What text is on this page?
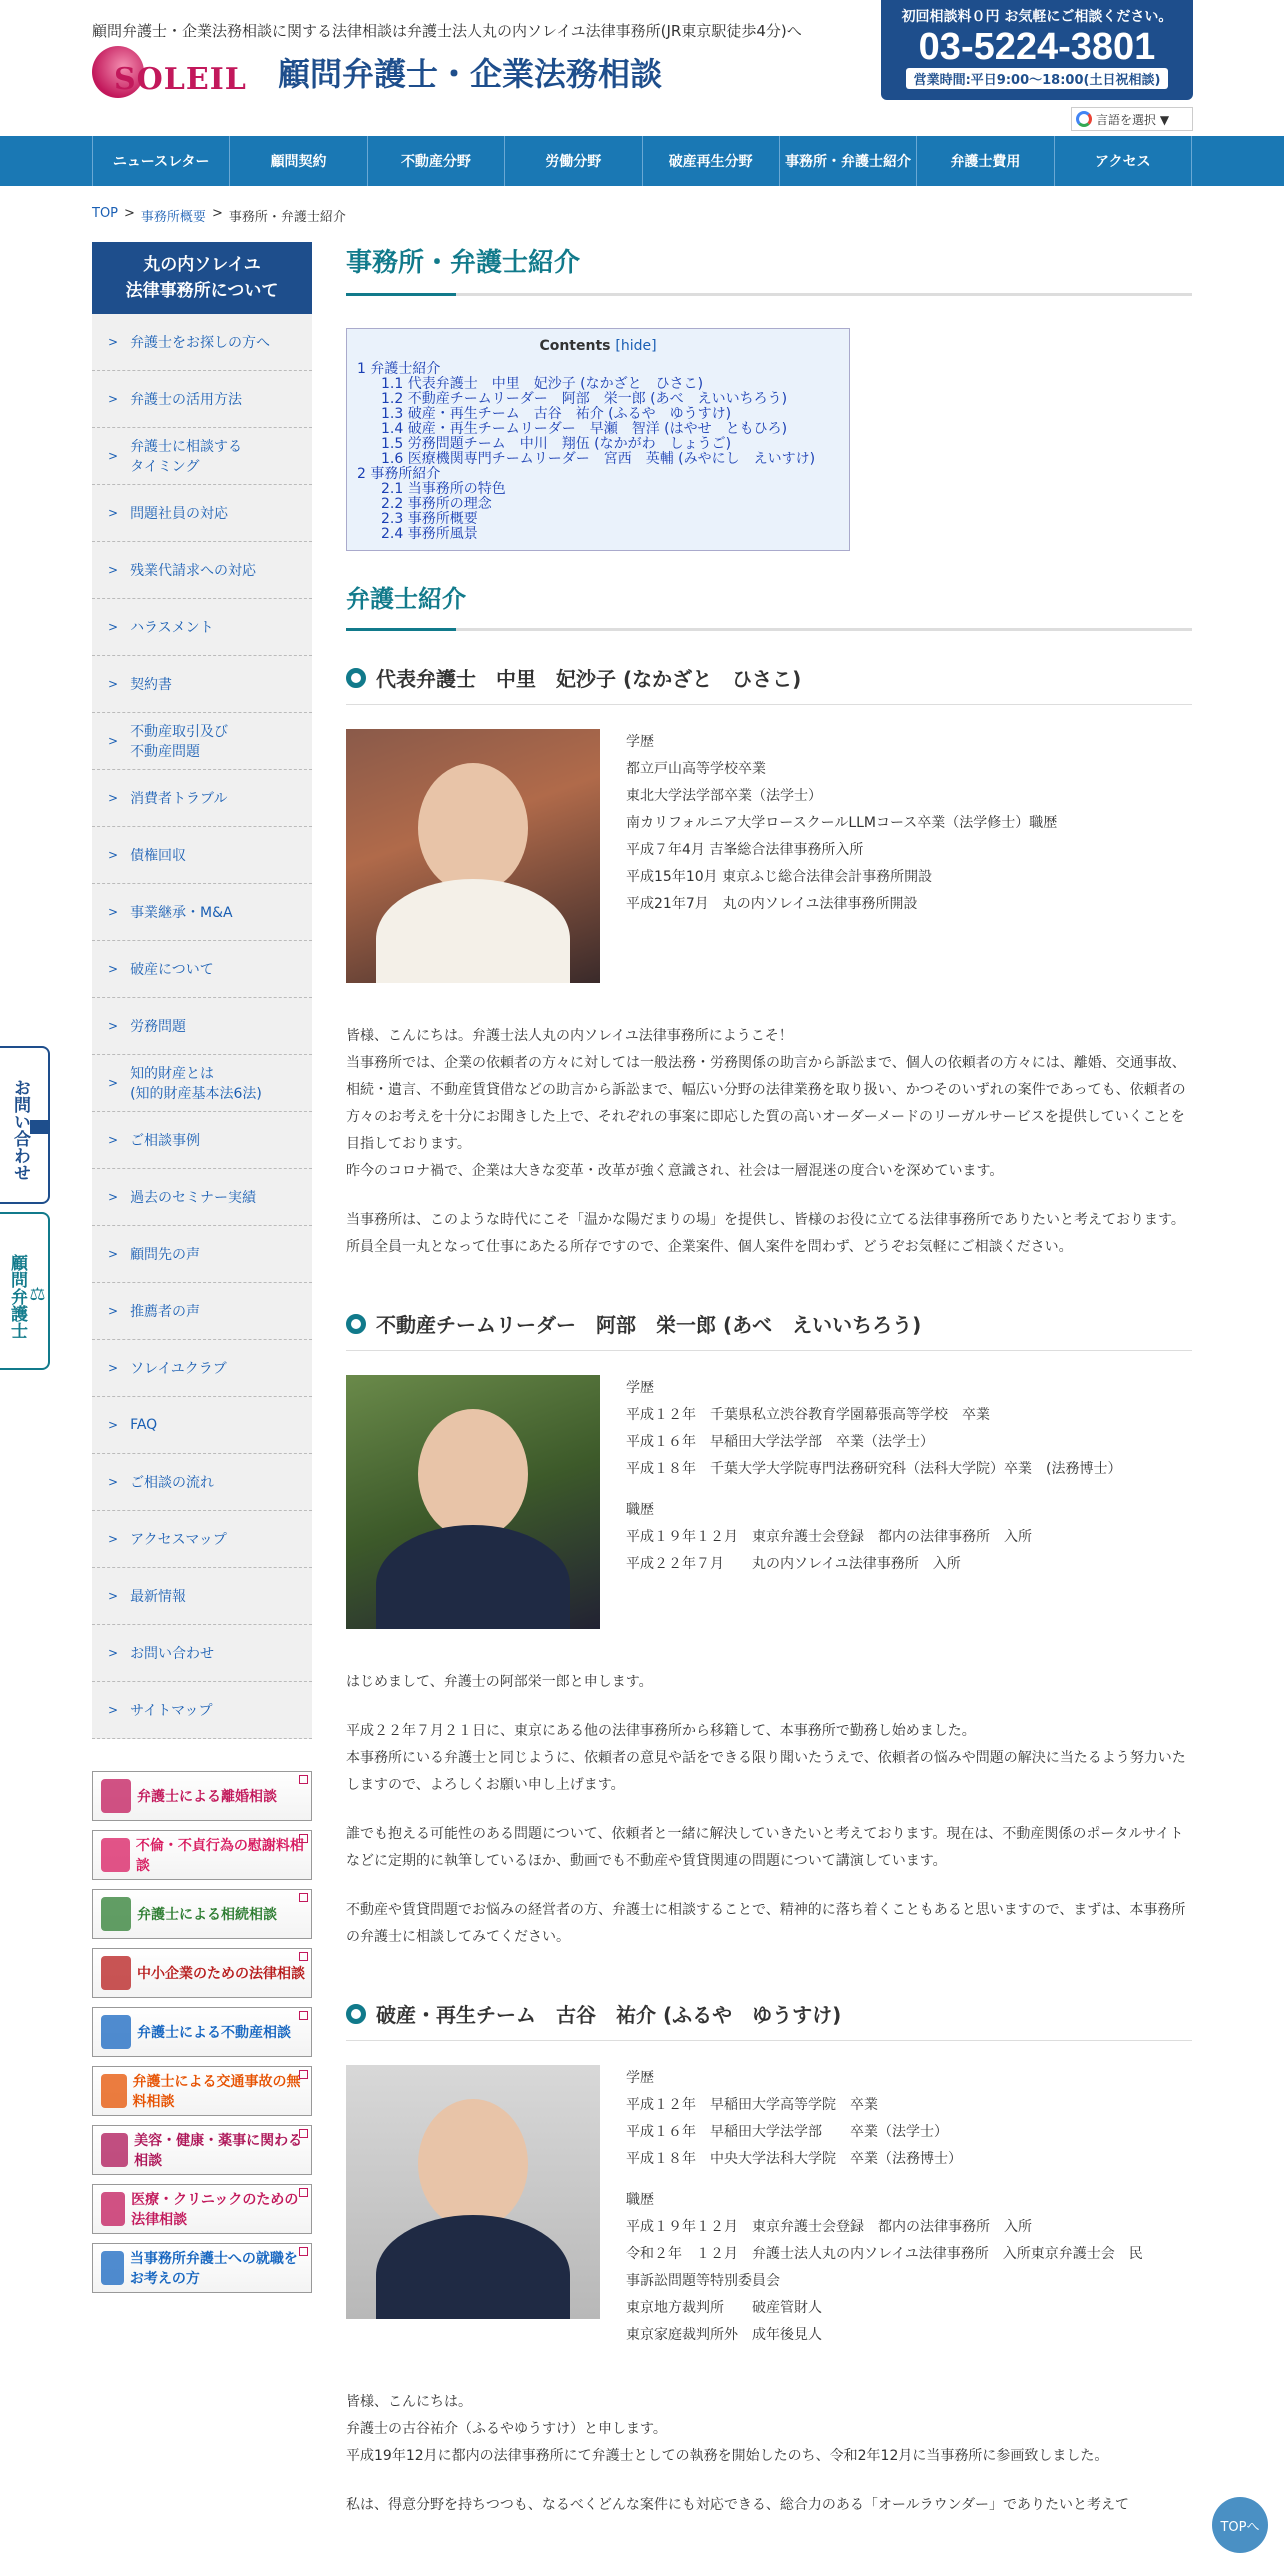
顧問弁護士・企業法務相談に関する法律相談は弁護士法人丸の内ソレイユ法律事務所(JR東京駅徒歩4分)へ
SOLEIL 顧問弁護士・企業法務相談
初回相談料０円 お気軽にご相談ください。
03-5224-3801
営業時間:平日9:00～18:00(土日祝相談)
言語を選択 ▼
ニュースレター	顧問契約	不動産分野	労働分野	破産再生分野	事務所・弁護士紹介	弁護士費用	アクセス
TOP > 事務所概要 > 事務所・弁護士紹介
丸の内ソレイユ
法律事務所について
> 弁護士をお探しの方へ
> 弁護士の活用方法
>
弁護士に相談する
タイミング
> 問題社員の対応
> 残業代請求への対応
> ハラスメント
> 契約書
>
不動産取引及び
不動産問題
> 消費者トラブル
> 債権回収
> 事業継承・M&A
> 破産について
> 労務問題
>
知的財産とは
(知的財産基本法6法)
> ご相談事例
> 過去のセミナー実績
> 顧問先の声
> 推薦者の声
> ソレイユクラブ
> FAQ
> ご相談の流れ
> アクセスマップ
> 最新情報
> お問い合わせ
> サイトマップ
弁護士による離婚相談
不倫・不貞行為の慰謝料相談
弁護士による相続相談
中小企業のための法律相談
弁護士による不動産相談
弁護士による交通事故の無料相談
美容・健康・薬事に関わる相談
医療・クリニックのための法律相談
当事務所弁護士への就職をお考えの方
事務所・弁護士紹介
Contents [hide]
1 弁護士紹介
1.1 代表弁護士　中里　妃沙子 (なかざと　ひさこ)
1.2 不動産チームリーダー　阿部　栄一郎 (あべ　えいいちろう)
1.3 破産・再生チーム　古谷　祐介 (ふるや　ゆうすけ)
1.4 破産・再生チームリーダー　早瀬　智洋 (はやせ　ともひろ)
1.5 労務問題チーム　中川　翔伍 (なかがわ　しょうご)
1.6 医療機関専門チームリーダー　宮西　英輔 (みやにし　えいすけ)
2 事務所紹介
2.1 当事務所の特色
2.2 事務所の理念
2.3 事務所概要
2.4 事務所風景
弁護士紹介
代表弁護士　中里　妃沙子 (なかざと　ひさこ)
学歴
都立戸山高等学校卒業
東北大学法学部卒業（法学士）
南カリフォルニア大学ロースクールLLMコース卒業（法学修士）職歴
平成７年4月 吉峯総合法律事務所入所
平成15年10月 東京ふじ総合法律会計事務所開設
平成21年7月　丸の内ソレイユ法律事務所開設

皆様、こんにちは。弁護士法人丸の内ソレイユ法律事務所にようこそ！
当事務所では、企業の依頼者の方々に対しては一般法務・労務関係の助言から訴訟まで、個人の依頼者の方々には、離婚、交通事故、相続・遺言、不動産賃貸借などの助言から訴訟まで、幅広い分野の法律業務を取り扱い、かつそのいずれの案件であっても、依頼者の方々のお考えを十分にお聞きした上で、それぞれの事案に即応した質の高いオーダーメードのリーガルサービスを提供していくことを目指しております。
昨今のコロナ禍で、企業は大きな変革・改革が強く意識され、社会は一層混迷の度合いを深めています。

当事務所は、このような時代にこそ「温かな陽だまりの場」を提供し、皆様のお役に立てる法律事務所でありたいと考えております。
所員全員一丸となって仕事にあたる所存ですので、企業案件、個人案件を問わず、どうぞお気軽にご相談ください。

不動産チームリーダー　阿部　栄一郎 (あべ　えいいちろう)
学歴
平成１２年　千葉県私立渋谷教育学園幕張高等学校　卒業
平成１６年　早稲田大学法学部　卒業（法学士）
平成１８年　千葉大学大学院専門法務研究科（法科大学院）卒業　(法務博士）
職歴
平成１９年１２月　東京弁護士会登録　都内の法律事務所　入所
平成２２年７月　　丸の内ソレイユ法律事務所　入所

はじめまして、弁護士の阿部栄一郎と申します。

平成２２年７月２１日に、東京にある他の法律事務所から移籍して、本事務所で勤務し始めました。
本事務所にいる弁護士と同じように、依頼者の意見や話をできる限り聞いたうえで、依頼者の悩みや問題の解決に当たるよう努力いたしますので、よろしくお願い申し上げます。

誰でも抱える可能性のある問題について、依頼者と一緒に解決していきたいと考えております。現在は、不動産関係のポータルサイトなどに定期的に執筆しているほか、動画でも不動産や賃貸関連の問題について講演しています。

不動産や賃貸問題でお悩みの経営者の方、弁護士に相談することで、精神的に落ち着くこともあると思いますので、まずは、本事務所の弁護士に相談してみてください。

破産・再生チーム　古谷　祐介 (ふるや　ゆうすけ)
学歴
平成１２年　早稲田大学高等学院　卒業
平成１６年　早稲田大学法学部　　卒業（法学士）
平成１８年　中央大学法科大学院　卒業（法務博士）
職歴
平成１９年１２月　東京弁護士会登録　都内の法律事務所　入所
令和２年　１２月　弁護士法人丸の内ソレイユ法律事務所　入所東京弁護士会　民
事訴訟問題等特別委員会
東京地方裁判所　　破産管財人
東京家庭裁判所外　成年後見人

皆様、こんにちは。
弁護士の古谷祐介（ふるやゆうすけ）と申します。
平成19年12月に都内の法律事務所にて弁護士としての執務を開始したのち、令和2年12月に当事務所に参画致しました。

私は、得意分野を持ちつつも、なるべくどんな案件にも対応できる、総合力のある「オールラウンダー」でありたいと考えて

お問い合わせ
⚖
顧問弁護士
TOPへ
